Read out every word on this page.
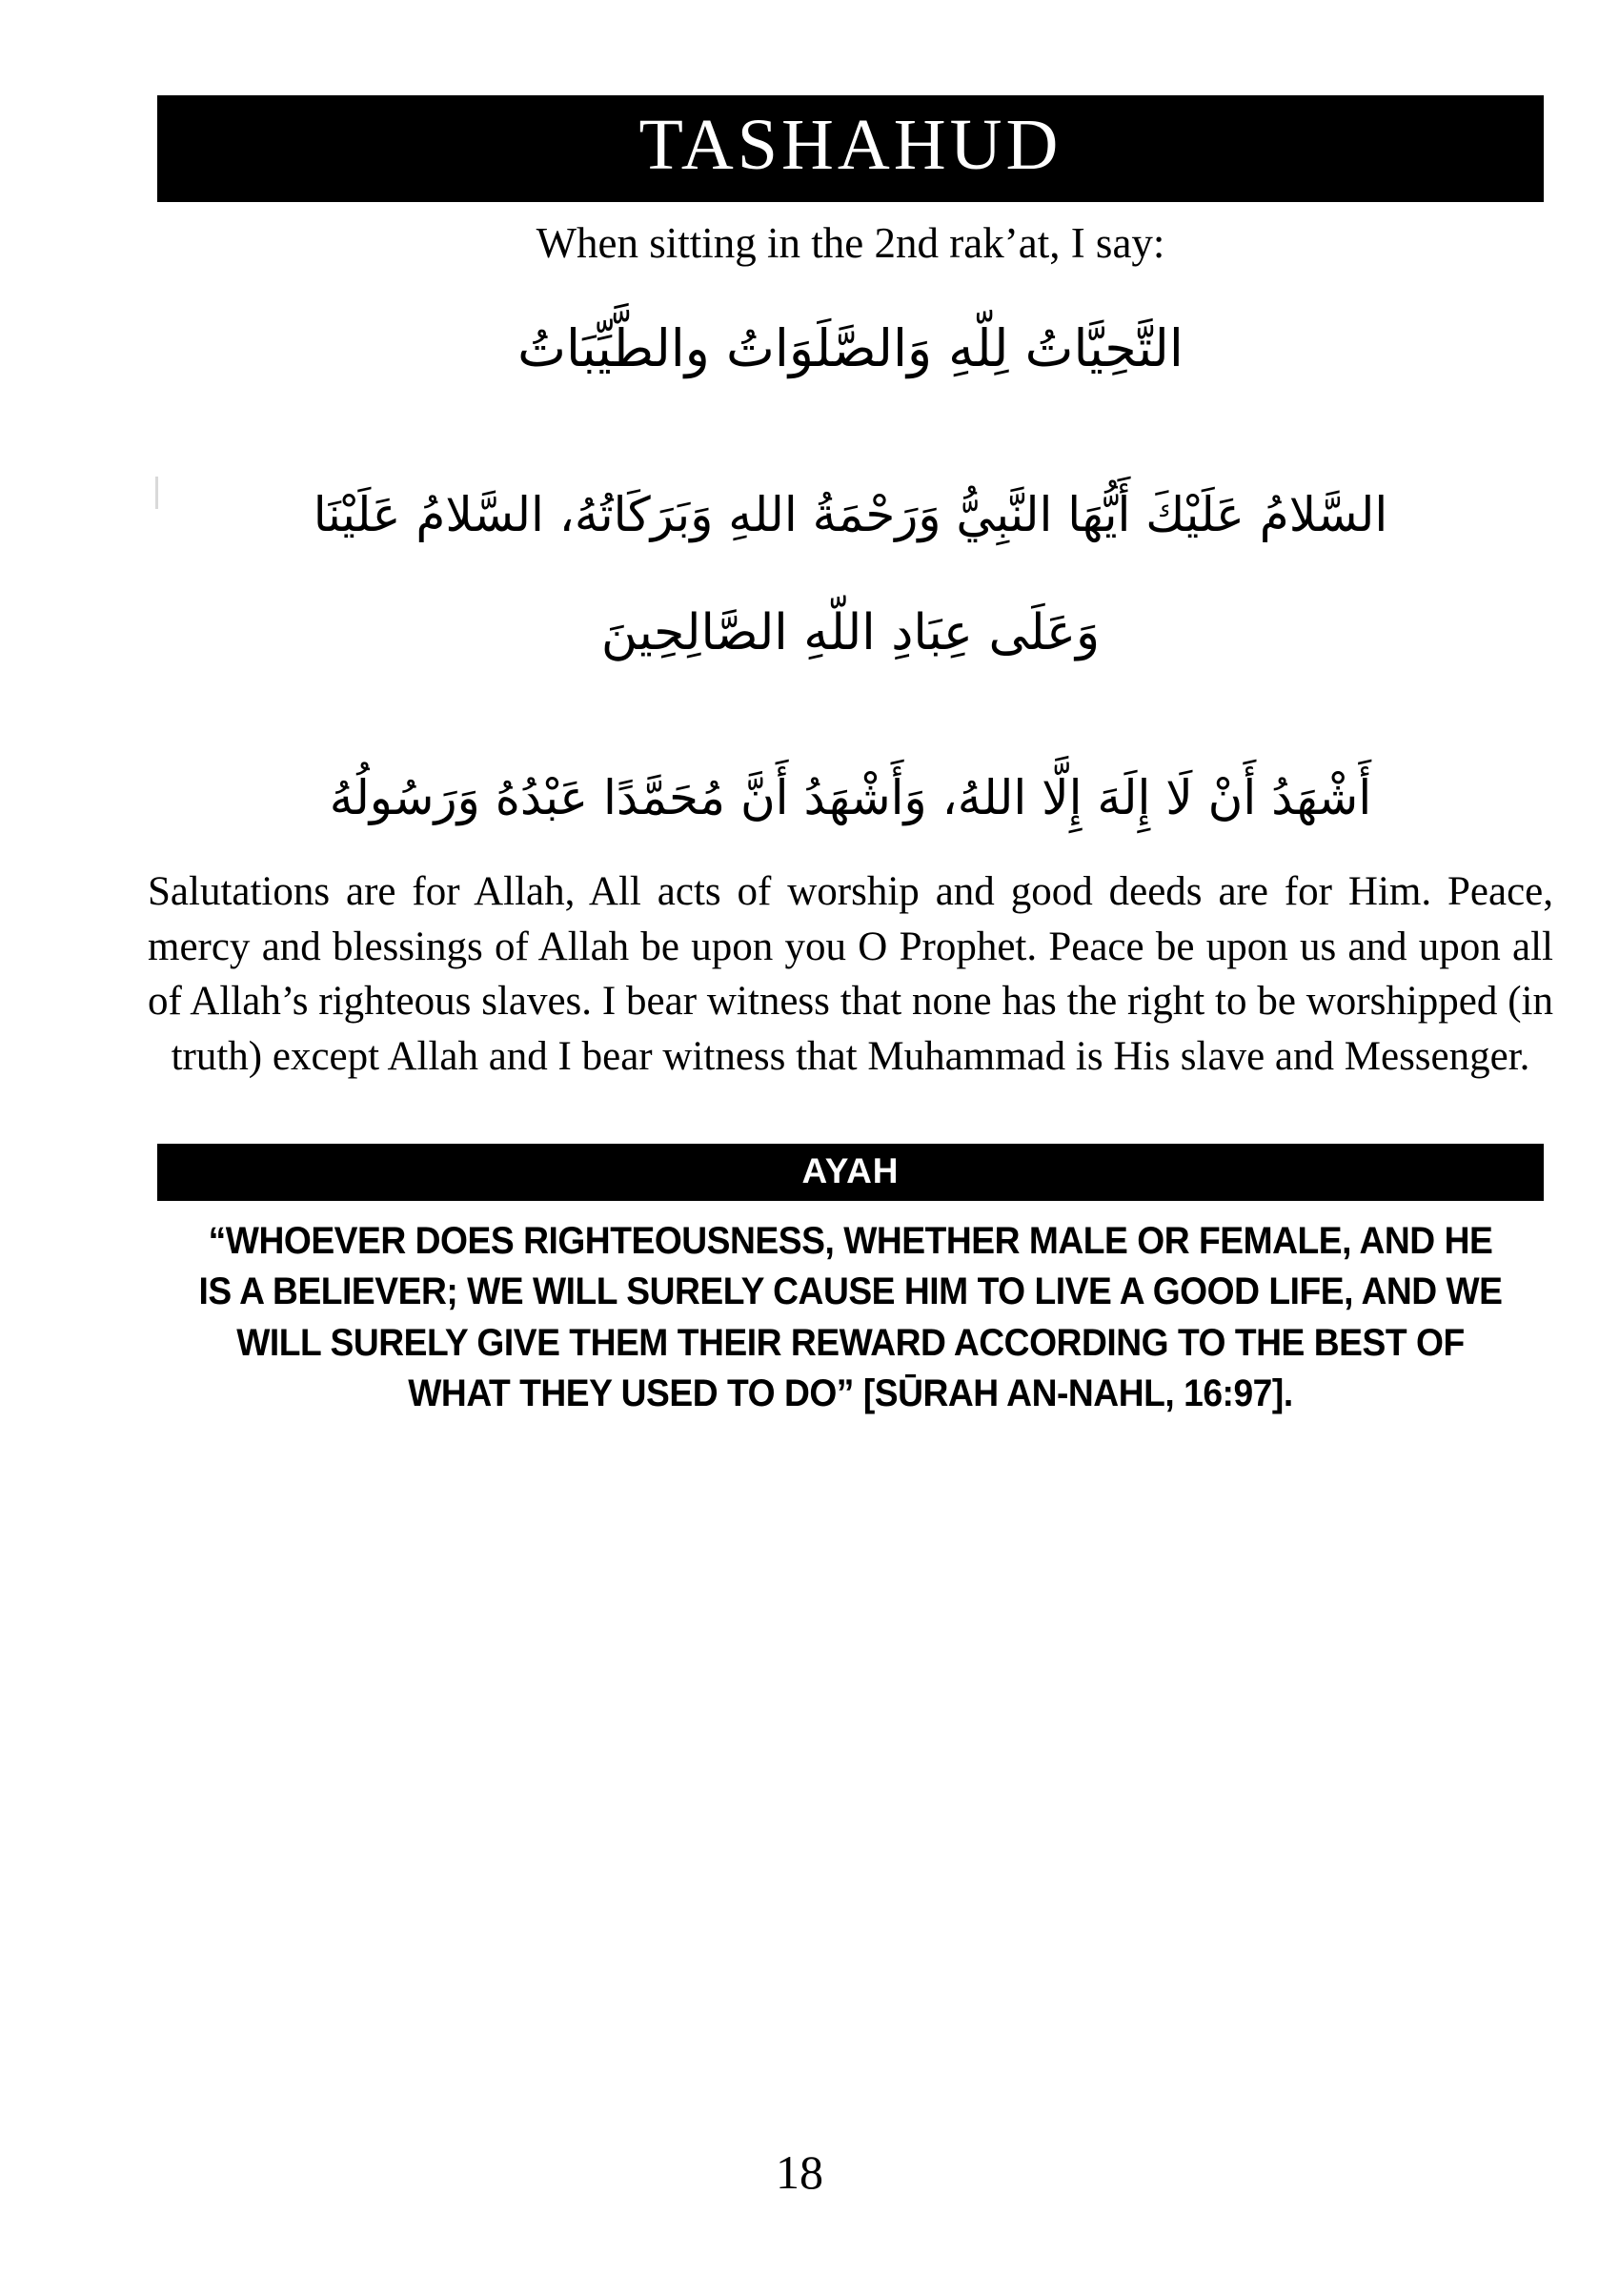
TASHAHUD
When sitting in the 2nd rak’at, I say:
التَّحِيَّاتُ لِلّهِ وَالصَّلَوَاتُ والطَّيِّبَاتُ
السَّلامُ عَلَيْكَ أَيُّهَا النَّبِيُّ وَرَحْمَةُ اللهِ وَبَرَكَاتُهُ، السَّلامُ عَلَيْنَا
وَعَلَى عِبَادِ اللّهِ الصَّالِحِينَ
أَشْهَدُ أَنْ لَا إِلَهَ إِلَّا اللهُ، وَأَشْهَدُ أَنَّ مُحَمَّدًا عَبْدُهُ وَرَسُولُهُ
Salutations are for Allah, All acts of worship and good deeds are for Him. Peace, mercy and blessings of Allah be upon you O Prophet. Peace be upon us and upon all of Allah’s righteous slaves. I bear witness that none has the right to be worshipped (in truth) except Allah and I bear witness that Muhammad is His slave and Messenger.
AYAH
“WHOEVER DOES RIGHTEOUSNESS, WHETHER MALE OR FEMALE, AND HE IS A BELIEVER; WE WILL SURELY CAUSE HIM TO LIVE A GOOD LIFE, AND WE WILL SURELY GIVE THEM THEIR REWARD ACCORDING TO THE BEST OF WHAT THEY USED TO DO” [SŪRAH AN-NAHL, 16:97].
18
